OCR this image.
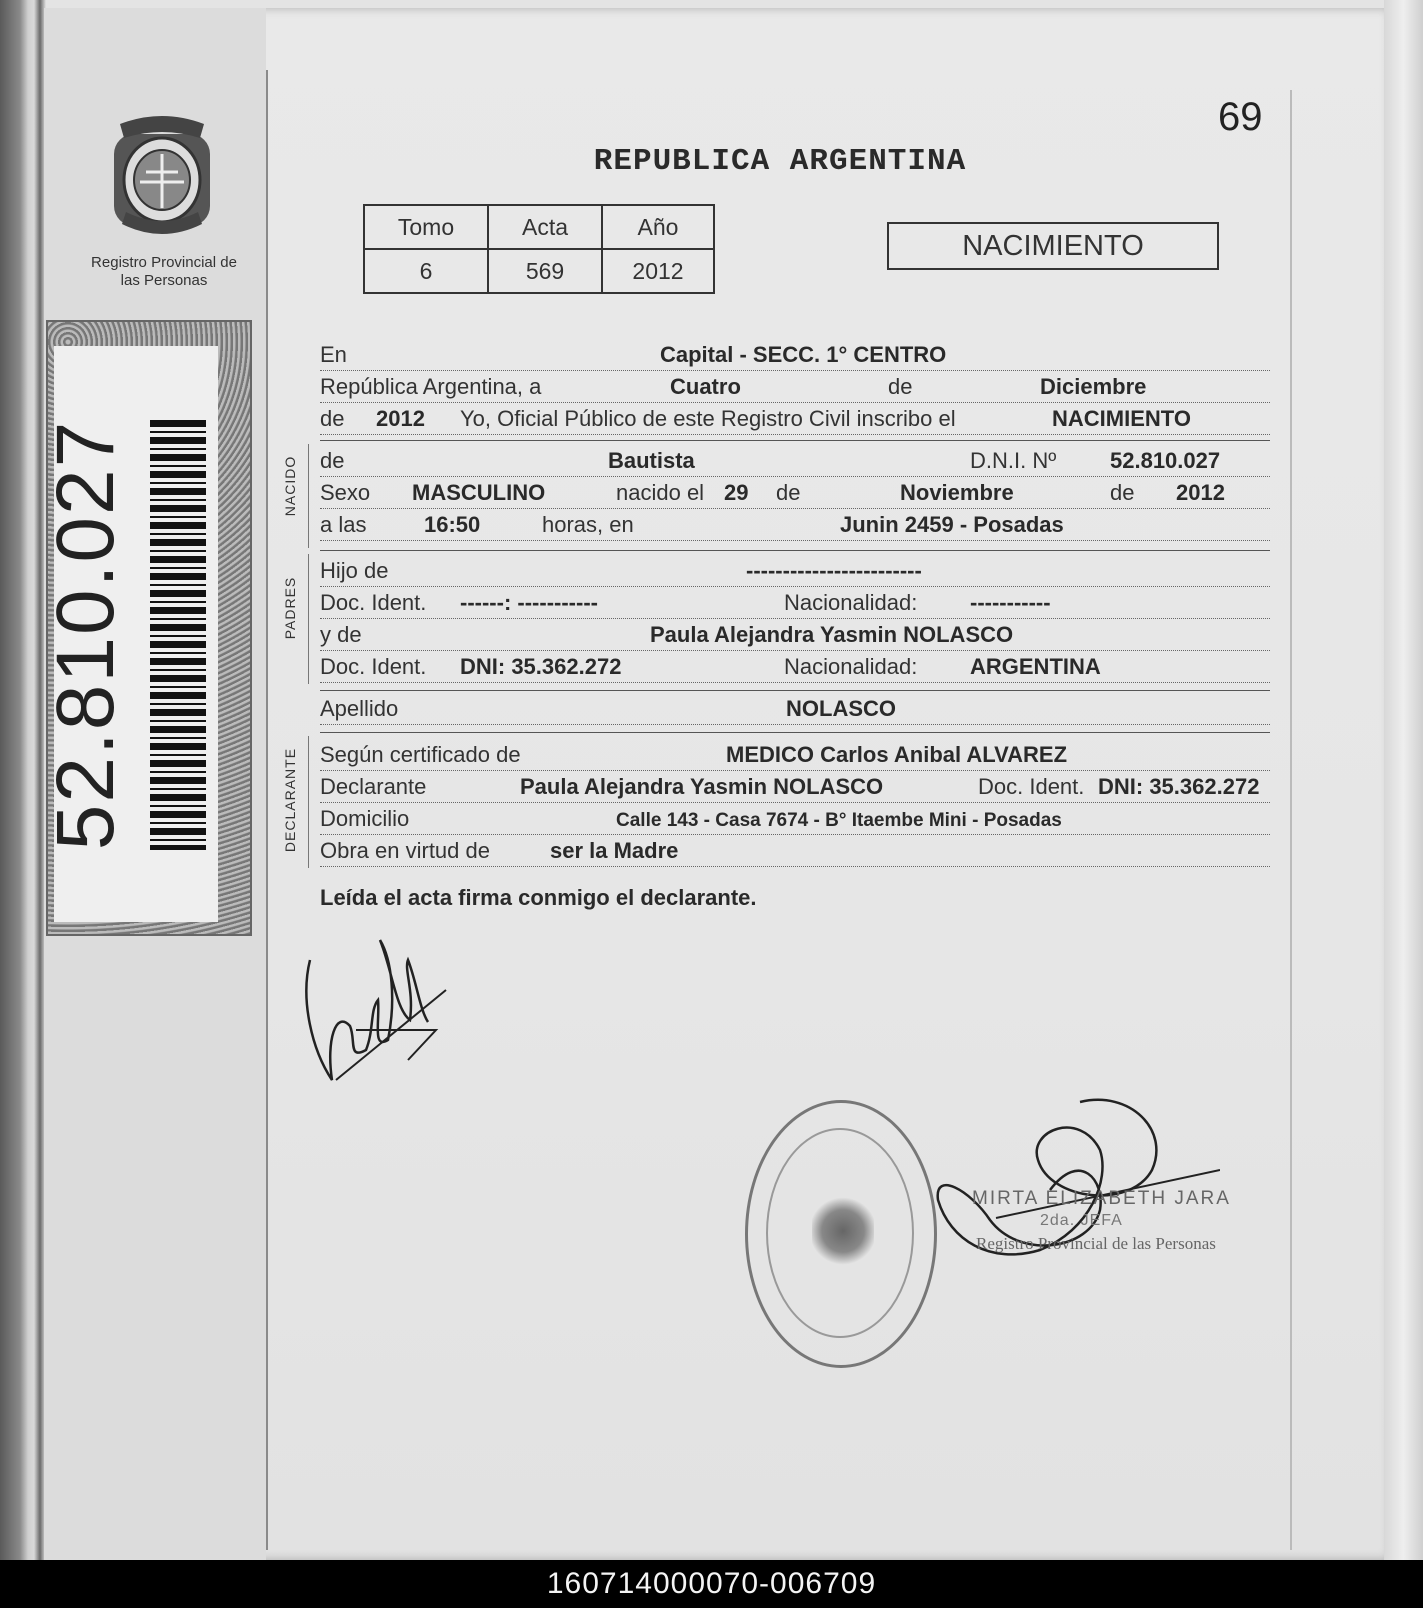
Registro Provincial de las Personas
52.810.027
69
REPUBLICA ARGENTINA
Tomo	Acta	Año
6	569	2012
NACIMIENTO
En	Capital - SECC. 1° CENTRO
República Argentina, a	Cuatro	de	Diciembre
de 2012 Yo, Oficial Público de este Registro Civil inscribo el	NACIMIENTO
NACIDO de	Bautista	D.N.I. Nº 52.810.027
Sexo MASCULINO	nacido el 29 de	Noviembre	de 2012
a las	16:50	horas, en	Junin 2459 - Posadas
PADRES
Hijo de	------------------------
Doc. Ident. ------: -----------	Nacionalidad: -----------
y de	Paula Alejandra Yasmin NOLASCO
Doc. Ident. DNI: 35.362.272	Nacionalidad: ARGENTINA
Apellido	NOLASCO
DECLARANTE Según certificado de	MEDICO Carlos Anibal ALVAREZ
Declarante	Paula Alejandra Yasmin NOLASCO	Doc. Ident. DNI: 35.362.272
Domicilio	Calle 143 - Casa 7674 - B° Itaembe Mini - Posadas
Obra en virtud de	ser la Madre
Leída el acta firma conmigo el declarante.
MIRTA ELIZABETH JARA
2da. JEFA
Registro Provincial de las Personas
160714000070-006709
